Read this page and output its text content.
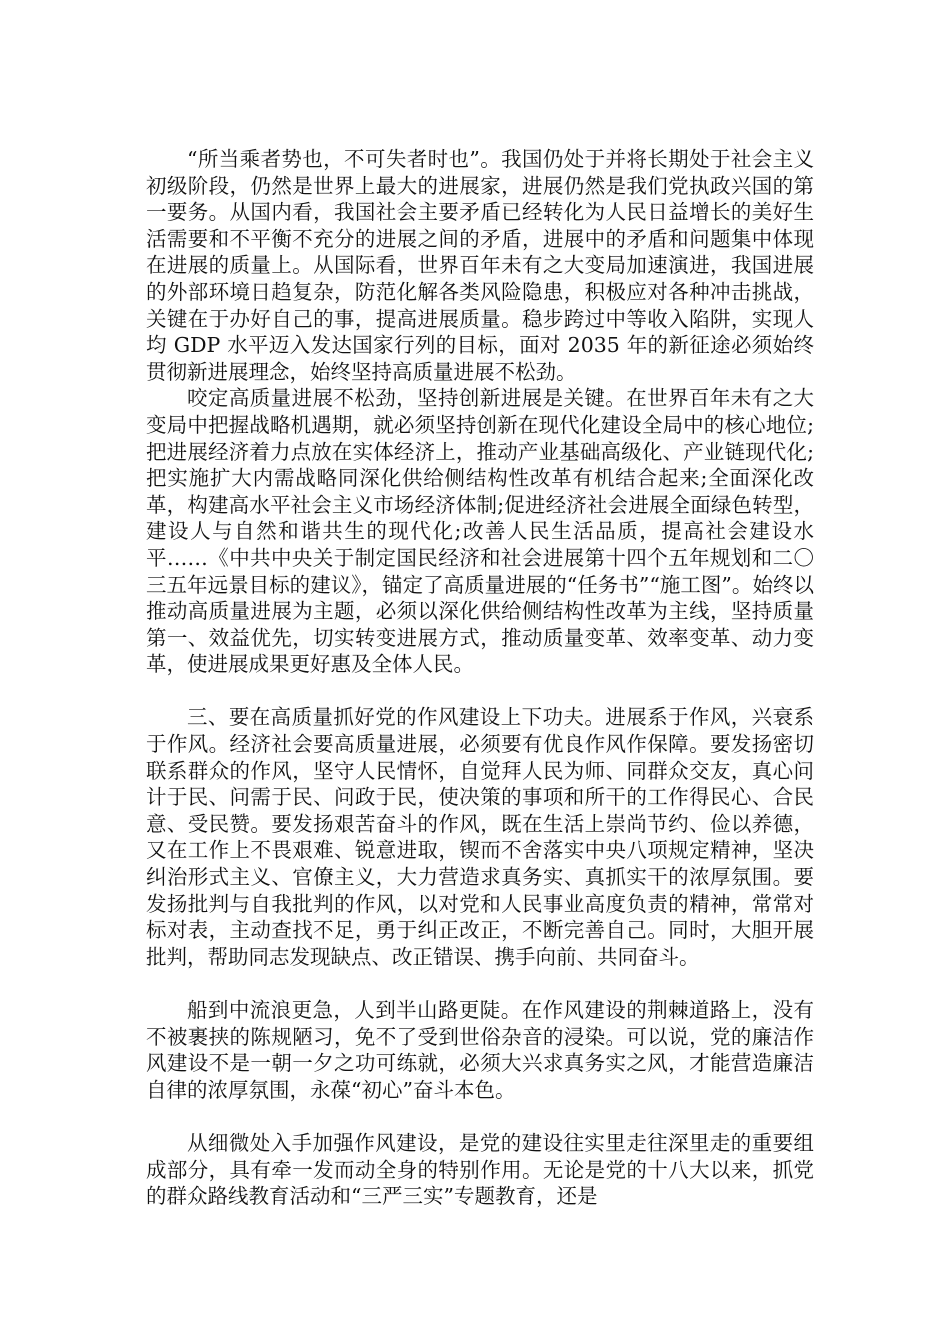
“所当乘者势也，不可失者时也”。我国仍处于并将长期处于社会主义初级阶段，仍然是世界上最大的进展家，进展仍然是我们党执政兴国的第一要务。从国内看，我国社会主要矛盾已经转化为人民日益增长的美好生活需要和不平衡不充分的进展之间的矛盾，进展中的矛盾和问题集中体现在进展的质量上。从国际看，世界百年未有之大变局加速演进，我国进展的外部环境日趋复杂，防范化解各类风险隐患，积极应对各种冲击挑战，关键在于办好自己的事，提高进展质量。稳步跨过中等收入陷阱，实现人均 GDP 水平迈入发达国家行列的目标，面对 2035 年的新征途必须始终贯彻新进展理念，始终坚持高质量进展不松劲。

咬定高质量进展不松劲，坚持创新进展是关键。在世界百年未有之大变局中把握战略机遇期，就必须坚持创新在现代化建设全局中的核心地位;把进展经济着力点放在实体经济上，推动产业基础高级化、产业链现代化;把实施扩大内需战略同深化供给侧结构性改革有机结合起来;全面深化改革，构建高水平社会主义市场经济体制;促进经济社会进展全面绿色转型，建设人与自然和谐共生的现代化;改善人民生活品质，提高社会建设水平……《中共中央关于制定国民经济和社会进展第十四个五年规划和二〇三五年远景目标的建议》，锚定了高质量进展的“任务书”“施工图”。始终以推动高质量进展为主题，必须以深化供给侧结构性改革为主线，坚持质量第一、效益优先，切实转变进展方式，推动质量变革、效率变革、动力变革，使进展成果更好惠及全体人民。

三、要在高质量抓好党的作风建设上下功夫。进展系于作风，兴衰系于作风。经济社会要高质量进展，必须要有优良作风作保障。要发扬密切联系群众的作风，坚守人民情怀，自觉拜人民为师、同群众交友，真心问计于民、问需于民、问政于民，使决策的事项和所干的工作得民心、合民意、受民赞。要发扬艰苦奋斗的作风，既在生活上崇尚节约、俭以养德，又在工作上不畏艰难、锐意进取，锲而不舍落实中央八项规定精神，坚决纠治形式主义、官僚主义，大力营造求真务实、真抓实干的浓厚氛围。要发扬批判与自我批判的作风，以对党和人民事业高度负责的精神，常常对标对表，主动查找不足，勇于纠正改正，不断完善自己。同时，大胆开展批判，帮助同志发现缺点、改正错误、携手向前、共同奋斗。

船到中流浪更急，人到半山路更陡。在作风建设的荆棘道路上，没有不被裹挟的陈规陋习，免不了受到世俗杂音的浸染。可以说，党的廉洁作风建设不是一朝一夕之功可练就，必须大兴求真务实之风，才能营造廉洁自律的浓厚氛围，永葆“初心”奋斗本色。

从细微处入手加强作风建设，是党的建设往实里走往深里走的重要组成部分，具有牵一发而动全身的特别作用。无论是党的十八大以来，抓党的群众路线教育活动和“三严三实”专题教育，还是
